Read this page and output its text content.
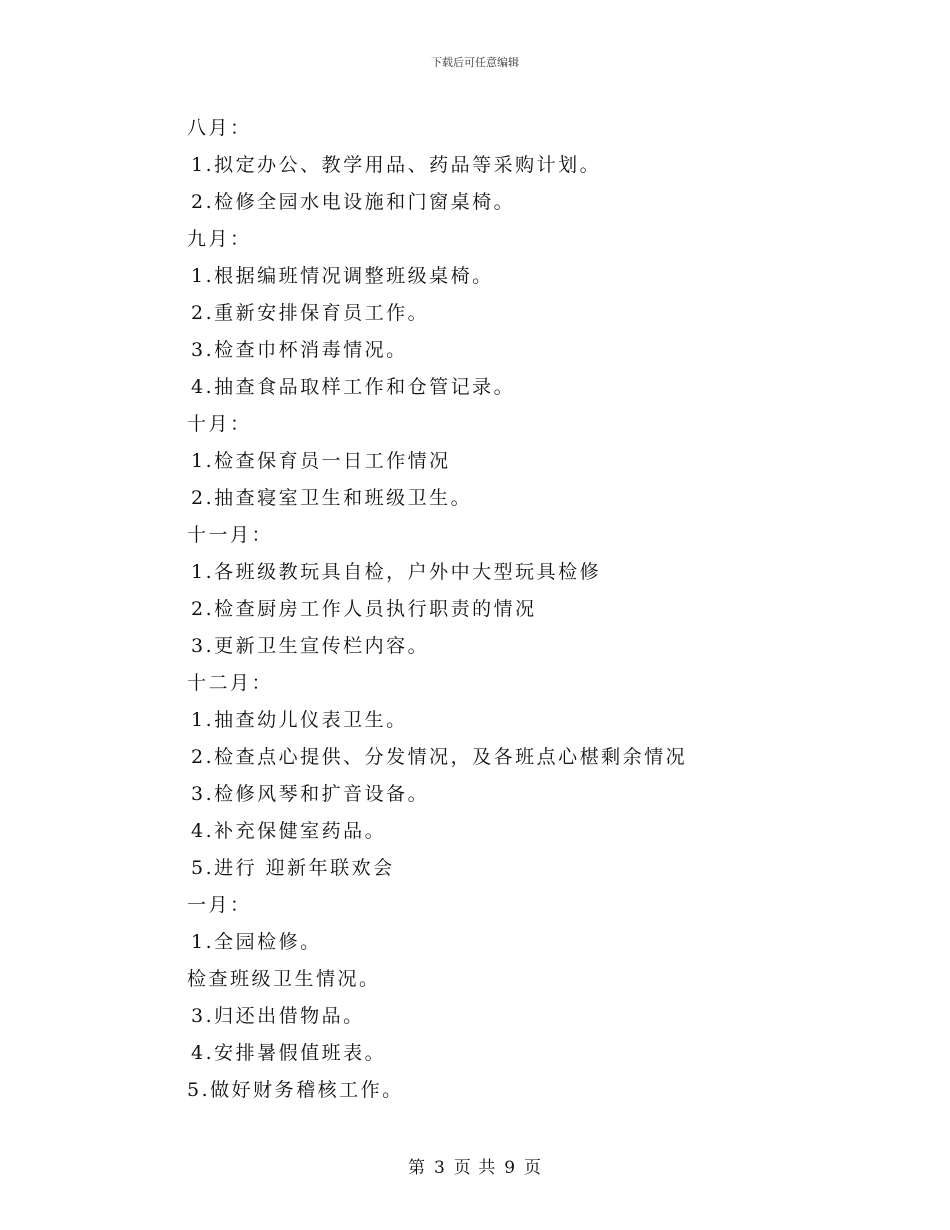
下载后可任意编辑
八月：
1.拟定办公、教学用品、药品等采购计划。
2.检修全园水电设施和门窗桌椅。
九月：
1.根据编班情况调整班级桌椅。
2.重新安排保育员工作。
3.检查巾杯消毒情况。
4.抽查食品取样工作和仓管记录。
十月：
1.检查保育员一日工作情况
2.抽查寝室卫生和班级卫生。
十一月：
1.各班级教玩具自检，户外中大型玩具检修
2.检查厨房工作人员执行职责的情况
3.更新卫生宣传栏内容。
十二月：
1.抽查幼儿仪表卫生。
2.检查点心提供、分发情况，及各班点心椹剩余情况
3.检修风琴和扩音设备。
4.补充保健室药品。
5.进行 迎新年联欢会
一月：
1.全园检修。
检查班级卫生情况。
3.归还出借物品。
4.安排暑假值班表。
5.做好财务稽核工作。
第 3 页 共 9 页
